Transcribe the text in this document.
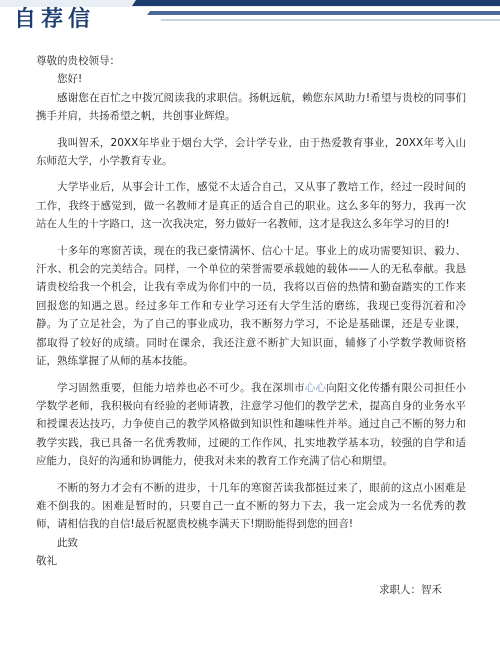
自荐信

尊敬的贵校领导：

您好!

感谢您在百忙之中拨冗阅读我的求职信。扬帆远航，赖您东风助力!希望与贵校的同事们携手并肩，共扬希望之帆，共创事业辉煌。

我叫智禾，20XX年毕业于烟台大学，会计学专业，由于热爱教育事业，20XX年考入山东师范大学，小学教育专业。

大学毕业后，从事会计工作，感觉不太适合自己，又从事了教培工作，经过一段时间的工作，我终于感觉到，做一名教师才是真正的适合自己的职业。这么多年的努力，我再一次站在人生的十字路口，这一次我决定，努力做好一名教师，这才是我这么多年学习的目的!

十多年的寒窗苦读，现在的我已豪情满怀、信心十足。事业上的成功需要知识、毅力、汗水、机会的完美结合。同样，一个单位的荣誉需要承载她的载体——人的无私奉献。我恳请贵校给我一个机会，让我有幸成为你们中的一员，我将以百倍的热情和勤奋踏实的工作来回报您的知遇之恩。经过多年工作和专业学习还有大学生活的磨练，我现已变得沉着和冷静。为了立足社会，为了自己的事业成功，我不断努力学习，不论是基础课，还是专业课，都取得了较好的成绩。同时在课余，我还注意不断扩大知识面，辅修了小学数学教师资格证，熟练掌握了从师的基本技能。

学习固然重要，但能力培养也必不可少。我在深圳市心心向阳文化传播有限公司担任小学数学老师，我积极向有经验的老师请教，注意学习他们的教学艺术，提高自身的业务水平和授课表达技巧，力争使自己的教学风格做到知识性和趣味性并举。通过自己不断的努力和教学实践，我已具备一名优秀教师，过硬的工作作风，扎实地教学基本功，较强的自学和适应能力，良好的沟通和协调能力，使我对未来的教育工作充满了信心和期望。

不断的努力才会有不断的进步，十几年的寒窗苦读我都挺过来了，眼前的这点小困难是难不倒我的。困难是暂时的，只要自己一直不断的努力下去，我一定会成为一名优秀的教师，请相信我的自信!最后祝愿贵校桃李满天下!期盼能得到您的回音!

此致

敬礼

求职人：智禾
